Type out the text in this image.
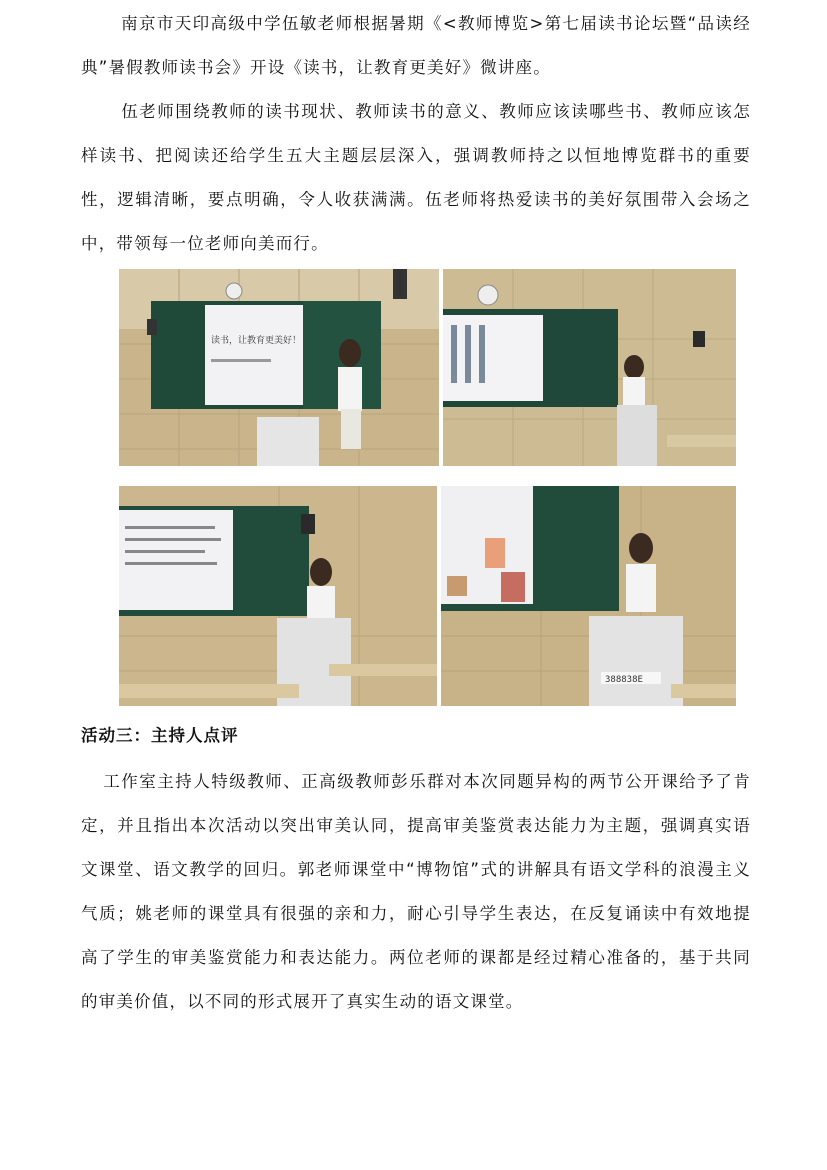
南京市天印高级中学伍敏老师根据暑期《<教师博览>第七届读书论坛暨“品读经典”暑假教师读书会》开设《读书，让教育更美好》微讲座。

伍老师围绕教师的读书现状、教师读书的意义、教师应该读哪些书、教师应该怎样读书、把阅读还给学生五大主题层层深入，强调教师持之以恒地博览群书的重要性，逻辑清晰，要点明确，令人收获满满。伍老师将热爱读书的美好氛围带入会场之中，带领每一位老师向美而行。

读书，让教育更美好！
388838E

活动三：主持人点评

工作室主持人特级教师、正高级教师彭乐群对本次同题异构的两节公开课给予了肯定，并且指出本次活动以突出审美认同，提高审美鉴赏表达能力为主题，强调真实语文课堂、语文教学的回归。郭老师课堂中“博物馆”式的讲解具有语文学科的浪漫主义气质；姚老师的课堂具有很强的亲和力，耐心引导学生表达，在反复诵读中有效地提高了学生的审美鉴赏能力和表达能力。两位老师的课都是经过精心准备的，基于共同的审美价值，以不同的形式展开了真实生动的语文课堂。
